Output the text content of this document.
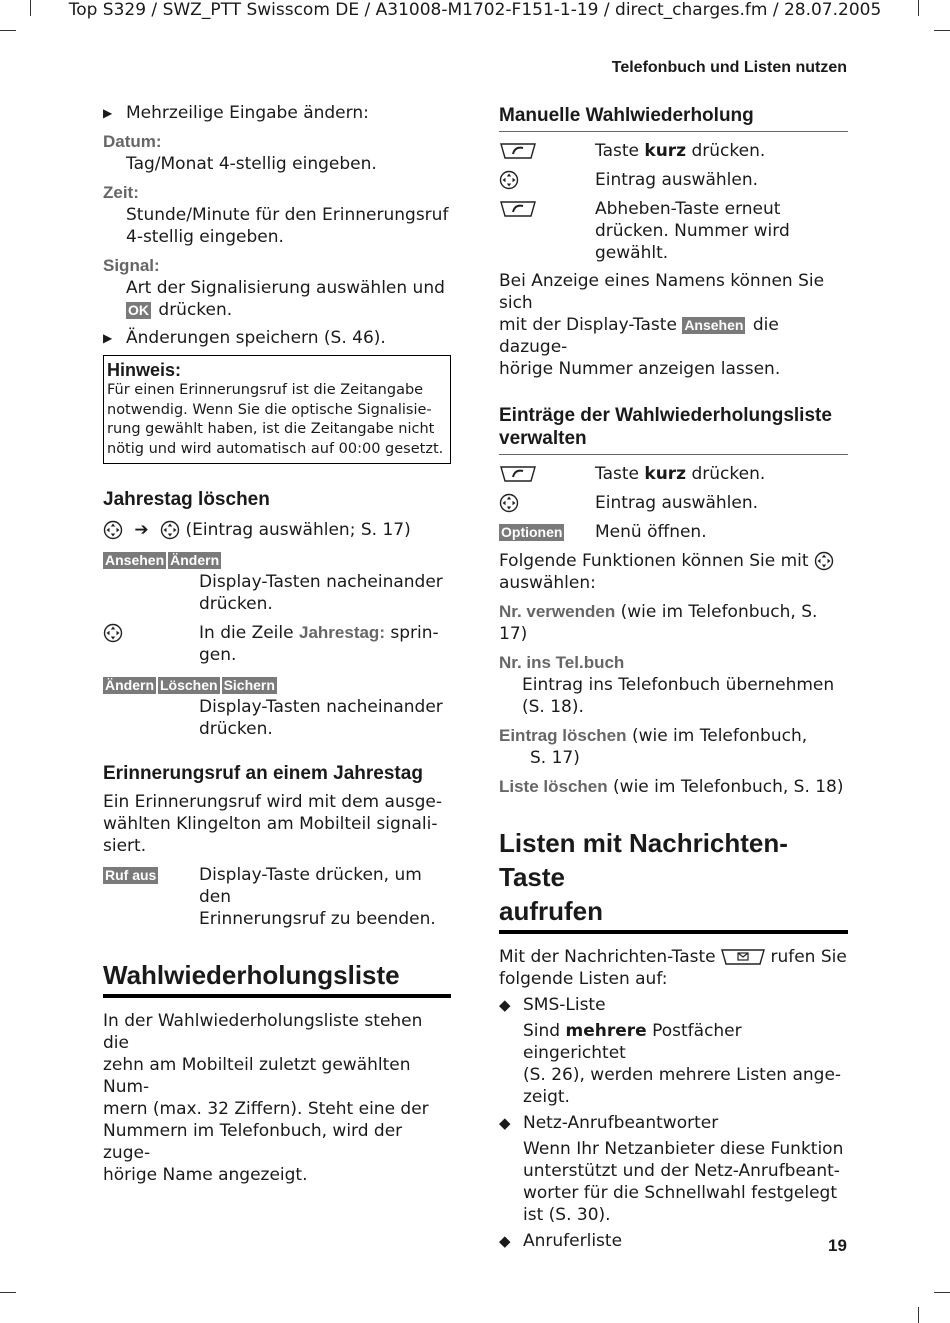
Top S329 / SWZ_PTT Swisscom DE / A31008-M1702-F151-1-19 / direct_charges.fm / 28.07.2005
Telefonbuch und Listen nutzen
▶ Mehrzeilige Eingabe ändern:
Datum:
Tag/Monat 4-stellig eingeben.
Zeit:
Stunde/Minute für den Erinnerungsruf
4-stellig eingeben.
Signal:
Art der Signalisierung auswählen und
OK drücken.
▶ Änderungen speichern (S. 46).
Hinweis:
Für einen Erinnerungsruf ist die Zeitangabe
notwendig. Wenn Sie die optische Signalisie-
rung gewählt haben, ist die Zeitangabe nicht
nötig und wird automatisch auf 00:00 gesetzt.
Jahrestag löschen
➔ (Eintrag auswählen; S. 17)
Ansehen Ändern
Display-Tasten nacheinander
drücken.
In die Zeile Jahrestag: sprin-
gen.
Ändern Löschen Sichern
Display-Tasten nacheinander
drücken.
Erinnerungsruf an einem Jahrestag
Ein Erinnerungsruf wird mit dem ausge-
wählten Klingelton am Mobilteil signali-
siert.
Ruf aus	Display-Taste drücken, um den
Erinnerungsruf zu beenden.
Wahlwiederholungsliste
In der Wahlwiederholungsliste stehen die
zehn am Mobilteil zuletzt gewählten Num-
mern (max. 32 Ziffern). Steht eine der
Nummern im Telefonbuch, wird der zuge-
hörige Name angezeigt.
Manuelle Wahlwiederholung
Taste kurz drücken.
Eintrag auswählen.
Abheben-Taste erneut
drücken. Nummer wird
gewählt.
Bei Anzeige eines Namens können Sie sich
mit der Display-Taste Ansehen die dazuge-
hörige Nummer anzeigen lassen.
Einträge der Wahlwiederholungsliste
verwalten
Taste kurz drücken.
Eintrag auswählen.
Optionen	Menü öffnen.
Folgende Funktionen können Sie mit
auswählen:
Nr. verwenden (wie im Telefonbuch, S. 17)
Nr. ins Tel.buch
Eintrag ins Telefonbuch übernehmen
(S. 18).
Eintrag löschen (wie im Telefonbuch,
S. 17)
Liste löschen (wie im Telefonbuch, S. 18)
Listen mit Nachrichten-Taste
aufrufen
Mit der Nachrichten-Taste	rufen Sie
folgende Listen auf:
◆ SMS-Liste
Sind mehrere Postfächer eingerichtet
(S. 26), werden mehrere Listen ange-
zeigt.
◆ Netz-Anrufbeantworter
Wenn Ihr Netzanbieter diese Funktion
unterstützt und der Netz-Anrufbeant-
worter für die Schnellwahl festgelegt
ist (S. 30).
◆ Anruferliste	19
